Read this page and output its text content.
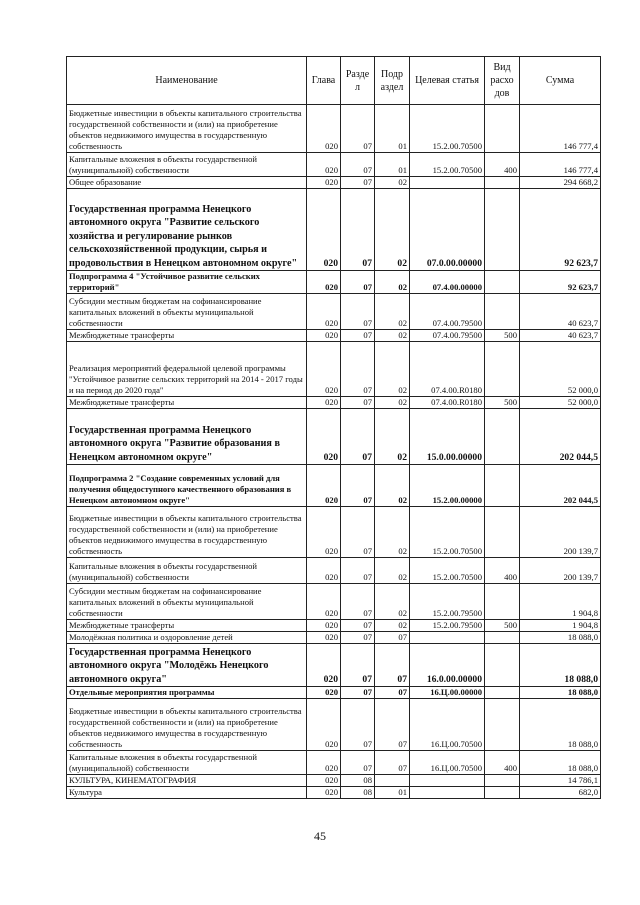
Наименование	Глава	Разде л	Подр аздел	Целевая статья	Вид расхо дов	Сумма
Бюджетные инвестиции в объекты капитального строительства государственной собственности и (или) на приобретение объектов недвижимого имущества в государственную собственность	020	07	01	15.2.00.70500		146 777,4
Капитальные вложения в объекты государственной (муниципальной) собственности	020	07	01	15.2.00.70500	400	146 777,4
Общее образование	020	07	02			294 668,2
Государственная программа Ненецкого автономного округа "Развитие сельского хозяйства и регулирование рынков сельскохозяйственной продукции, сырья и продовольствия в Ненецком автономном округе"	020	07	02	07.0.00.00000		92 623,7
Подпрограмма 4 "Устойчивое развитие сельских территорий"	020	07	02	07.4.00.00000		92 623,7
Субсидии местным бюджетам на софинансирование капитальных вложений в объекты муниципальной собственности	020	07	02	07.4.00.79500		40 623,7
Межбюджетные трансферты	020	07	02	07.4.00.79500	500	40 623,7
Реализация мероприятий федеральной целевой программы "Устойчивое развитие сельских территорий на 2014 - 2017 годы и на период до 2020 года"	020	07	02	07.4.00.R0180		52 000,0
Межбюджетные трансферты	020	07	02	07.4.00.R0180	500	52 000,0
Государственная программа Ненецкого автономного округа "Развитие образования в Ненецком автономном округе"	020	07	02	15.0.00.00000		202 044,5
Подпрограмма 2 "Создание современных условий для получения общедоступного качественного образования в Ненецком автономном округе"	020	07	02	15.2.00.00000		202 044,5
Бюджетные инвестиции в объекты капитального строительства государственной собственности и (или) на приобретение объектов недвижимого имущества в государственную собственность	020	07	02	15.2.00.70500		200 139,7
Капитальные вложения в объекты государственной (муниципальной) собственности	020	07	02	15.2.00.70500	400	200 139,7
Субсидии местным бюджетам на софинансирование капитальных вложений в объекты муниципальной собственности	020	07	02	15.2.00.79500		1 904,8
Межбюджетные трансферты	020	07	02	15.2.00.79500	500	1 904,8
Молодёжная политика и оздоровление детей	020	07	07			18 088,0
Государственная программа Ненецкого автономного округа "Молодёжь Ненецкого автономного округа"	020	07	07	16.0.00.00000		18 088,0
Отдельные мероприятия программы	020	07	07	16.Ц.00.00000		18 088,0
Бюджетные инвестиции в объекты капитального строительства государственной собственности и (или) на приобретение объектов недвижимого имущества в государственную собственность	020	07	07	16.Ц.00.70500		18 088,0
Капитальные вложения в объекты государственной (муниципальной) собственности	020	07	07	16.Ц.00.70500	400	18 088,0
КУЛЬТУРА, КИНЕМАТОГРАФИЯ	020	08				14 786,1
Культура	020	08	01			682,0
45
